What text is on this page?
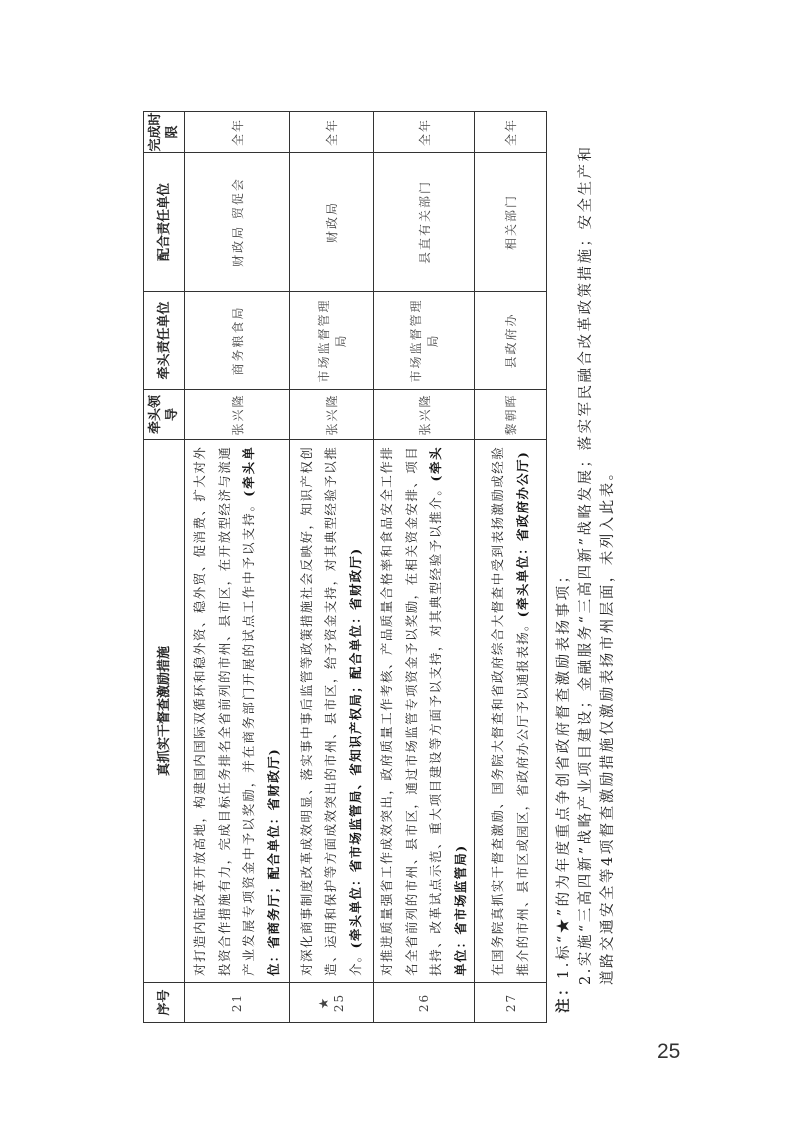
序号	真抓实干督查激励措施	牵头领导	牵头责任单位	配合责任单位	完成时限
21	对打造内陆改革开放高地，构建国内国际双循环和稳外资、稳外贸、促消费、扩大对外投资合作措施有力，完成目标任务排名全省前列的市州、县市区，在开放型经济与流通产业发展专项资金中予以奖励，并在商务部门开展的试点工作中予以支持。(牵头单位：省商务厅；配合单位：省财政厅)	张兴隆	商务粮食局	财政局 贸促会	全年

★ 25	对深化商事制度改革成效明显、落实事中事后监管等政策措施社会反映好，知识产权创造、运用和保护等方面成效突出的市州、县市区，给予资金支持，对其典型经验予以推介。(牵头单位：省市场监管局、省知识产权局；配合单位：省财政厅)	张兴隆	市场监督管理局	财政局	全年
26	对推进质量强省工作成效突出，政府质量工作考核、产品质量合格率和食品安全工作排名全省前列的市州、县市区，通过市场监管专项资金予以奖励，在相关资金安排、项目扶持、改革试点示范、重大项目建设等方面予以支持，对其典型经验予以推介。(牵头单位：省市场监管局)	张兴隆	市场监督管理局	县直有关部门	全年
27	在国务院真抓实干督查激励、国务院大督查和省政府综合大督查中受到表扬激励或经验推介的市州、县市区或园区，省政府办公厅予以通报表扬。(牵头单位：省政府办公厅)	黎朝晖	县政府办	相关部门	全年
注：1.标“★”的为年度重点争创省政府督查激励表扬事项； 2.实施“三高四新”战略产业项目建设；金融服务“三高四新”战略发展；落实军民融合改革政策措施；安全生产和道路交通安全等4项督查激励措施仅激励表扬市州层面，未列入此表。
25
